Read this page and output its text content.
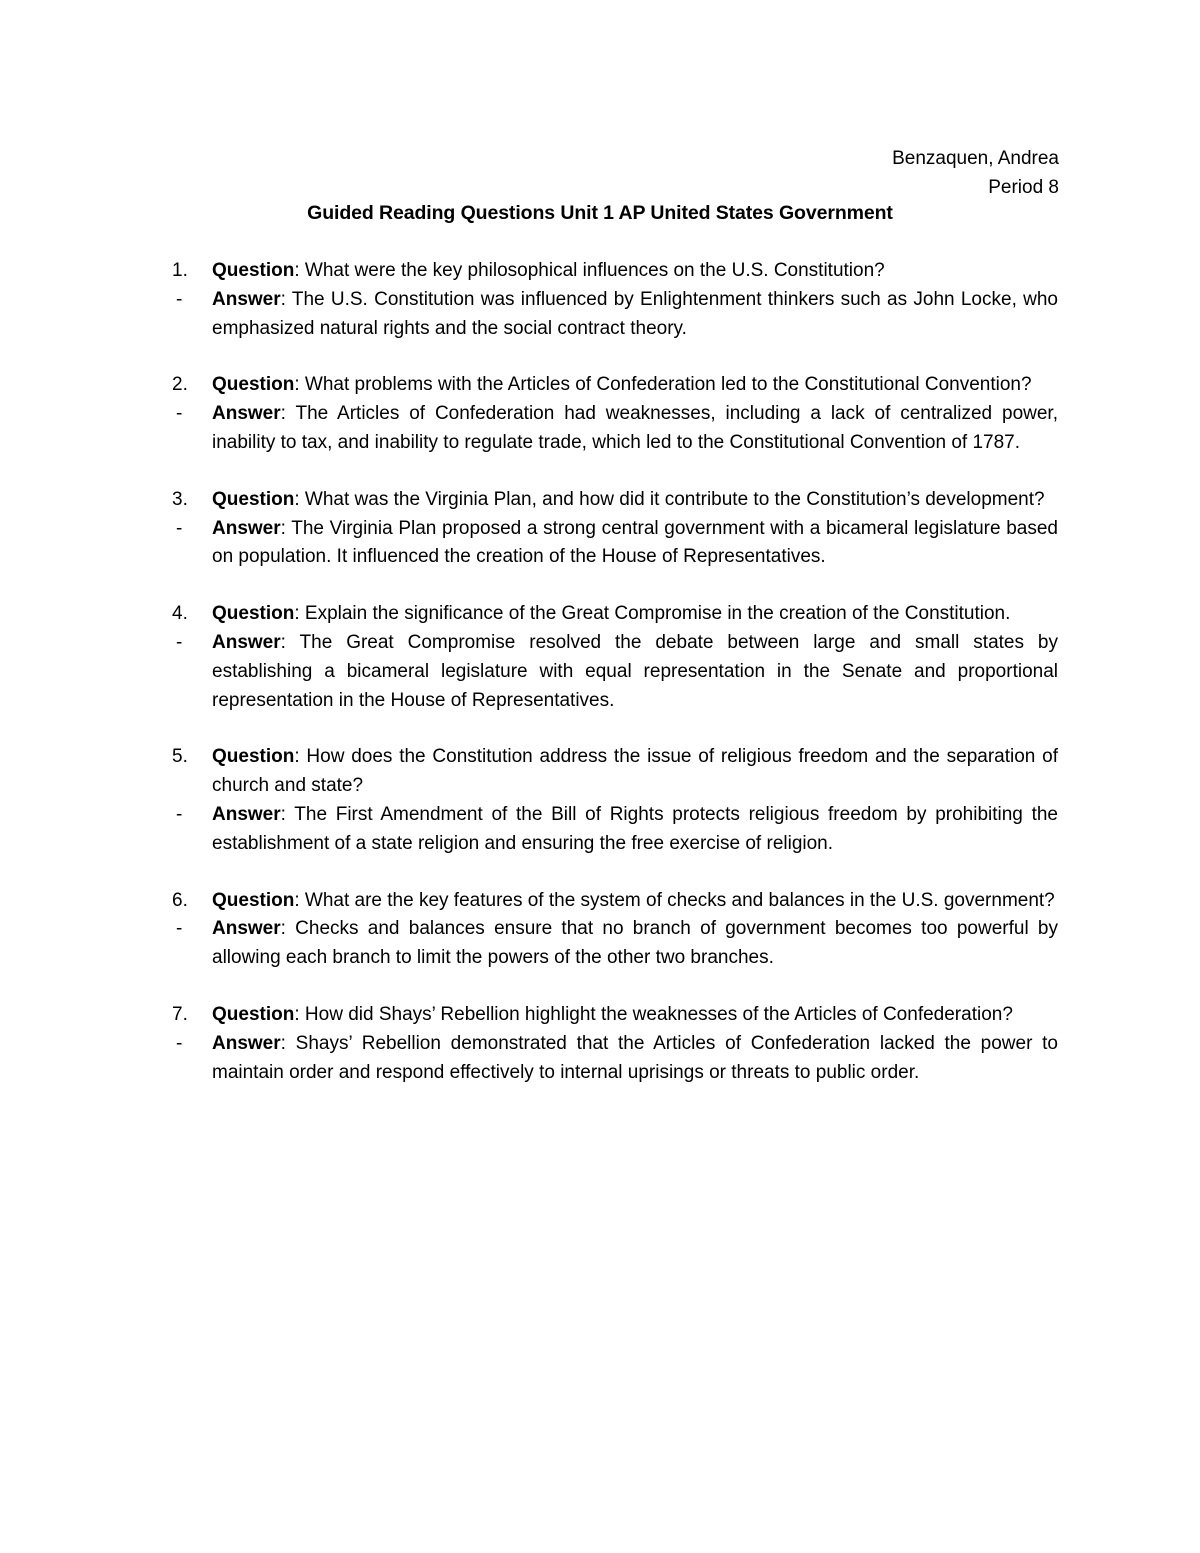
Benzaquen, Andrea
Period 8
Guided Reading Questions Unit 1 AP United States Government
1.	Question: What were the key philosophical influences on the U.S. Constitution?
-	Answer: The U.S. Constitution was influenced by Enlightenment thinkers such as John Locke, who emphasized natural rights and the social contract theory.
2.	Question: What problems with the Articles of Confederation led to the Constitutional Convention?
-	Answer: The Articles of Confederation had weaknesses, including a lack of centralized power, inability to tax, and inability to regulate trade, which led to the Constitutional Convention of 1787.
3.	Question: What was the Virginia Plan, and how did it contribute to the Constitution’s development?
-	Answer: The Virginia Plan proposed a strong central government with a bicameral legislature based on population. It influenced the creation of the House of Representatives.
4.	Question: Explain the significance of the Great Compromise in the creation of the Constitution.
-	Answer: The Great Compromise resolved the debate between large and small states by establishing a bicameral legislature with equal representation in the Senate and proportional representation in the House of Representatives.
5.	Question: How does the Constitution address the issue of religious freedom and the separation of church and state?
-	Answer: The First Amendment of the Bill of Rights protects religious freedom by prohibiting the establishment of a state religion and ensuring the free exercise of religion.
6.	Question: What are the key features of the system of checks and balances in the U.S. government?
-	Answer: Checks and balances ensure that no branch of government becomes too powerful by allowing each branch to limit the powers of the other two branches.
7.	Question: How did Shays’ Rebellion highlight the weaknesses of the Articles of Confederation?
-	Answer: Shays’ Rebellion demonstrated that the Articles of Confederation lacked the power to maintain order and respond effectively to internal uprisings or threats to public order.
